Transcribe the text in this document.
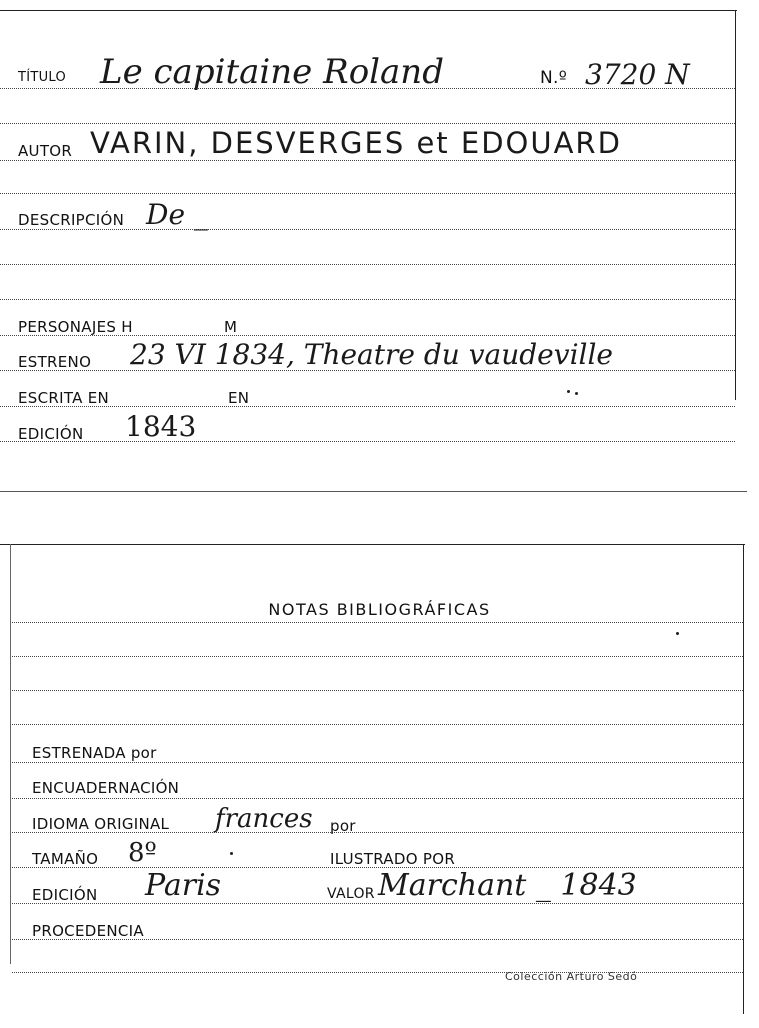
TÍTULO Le capitaine Roland	N.º 3720 N
AUTOR VARIN, DESVERGES et EDOUARD
DESCRIPCIÓN De _
PERSONAJES H	M
ESTRENO 23 VI 1834, Theatre du vaudeville
ESCRITA EN	EN
EDICIÓN 1843
NOTAS BIBLIOGRÁFICAS
ESTRENADA por
ENCUADERNACIÓN
IDIOMA ORIGINAL frances por
TAMAÑO 8º	ILUSTRADO POR
EDICIÓN Paris	VALOR Marchant _ 1843
PROCEDENCIA
Colección Arturo Sedó
